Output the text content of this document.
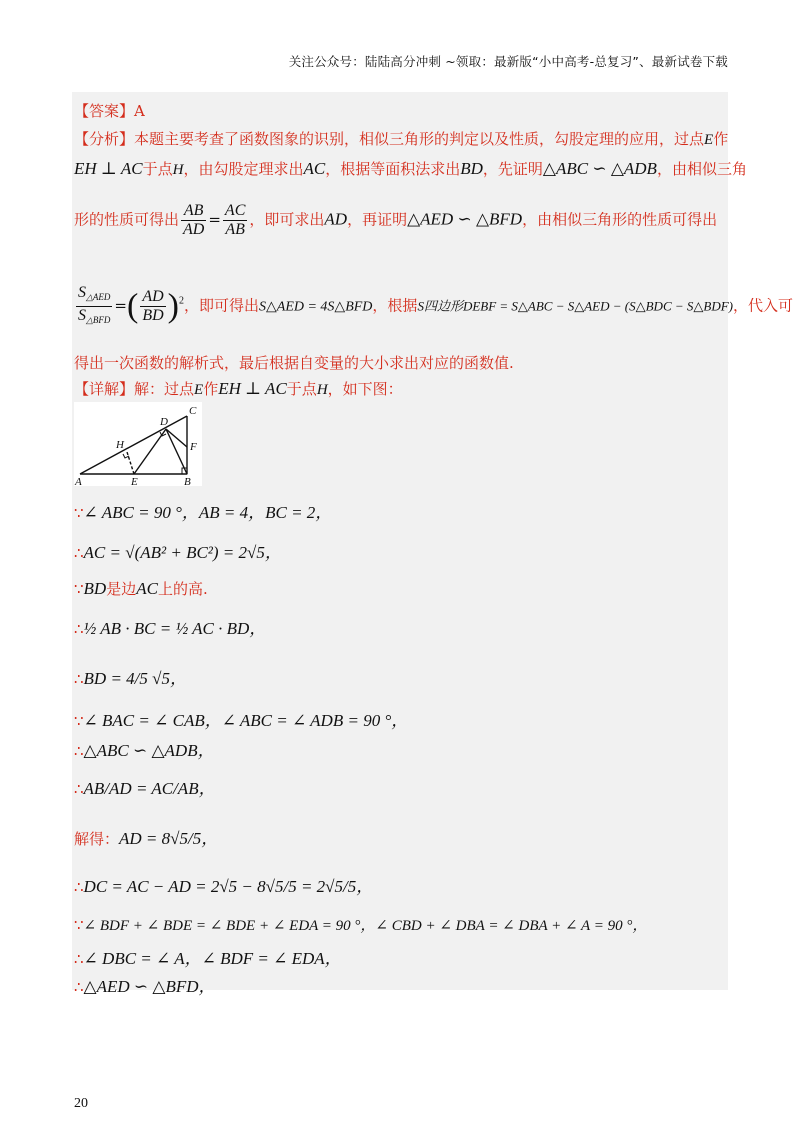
关注公众号：陆陆高分冲刺 ~领取：最新版“小中高考-总复习”、最新试卷下载
【答案】A
【分析】本题主要考查了函数图象的识别，相似三角形的判定以及性质，勾股定理的应用，过点E作
EH ⊥ AC于点H，由勾股定理求出AC，根据等面积法求出BD，先证明△ABC ∽ △ADB，由相似三角
形的性质可得出 $\frac{AB}{AD} = \frac{AC}{AB}$ ，即可求出AD，再证明△AED ∽ △BFD，由相似三角形的性质可得出
$\frac{S_{\triangle AED}}{S_{\triangle BFD}}$ =( $\frac{AD}{BD} )^2$，即可得出S△AED = 4S△BFD，根据S四边形DEBF = S△ABC − S△AED − (S△BDC − S△BDF)，代入可
得出一次函数的解析式，最后根据自变量的大小求出对应的函数值.
【详解】解：过点E作EH ⊥ AC于点H，如下图：
A	E	B
C
D
H	F
∵∠ ABC = 90 °，AB = 4，BC = 2，
∴AC = √(AB² + BC²) = 2√5，
∵BD是边AC上的高.
∴½ AB · BC = ½ AC · BD，
∴BD = 4/5 √5，
∵∠ BAC = ∠ CAB，∠ ABC = ∠ ADB = 90 °，
∴△ABC ∽ △ADB，
∴AB/AD = AC/AB，
解得：AD = 8√5/5，
∴DC = AC − AD = 2√5 − 8√5/5 = 2√5/5，
∵∠ BDF + ∠ BDE = ∠ BDE + ∠ EDA = 90 °，∠ CBD + ∠ DBA = ∠ DBA + ∠ A = 90 °，
∴∠ DBC = ∠ A，∠ BDF = ∠ EDA，
∴△AED ∽ △BFD，
20
